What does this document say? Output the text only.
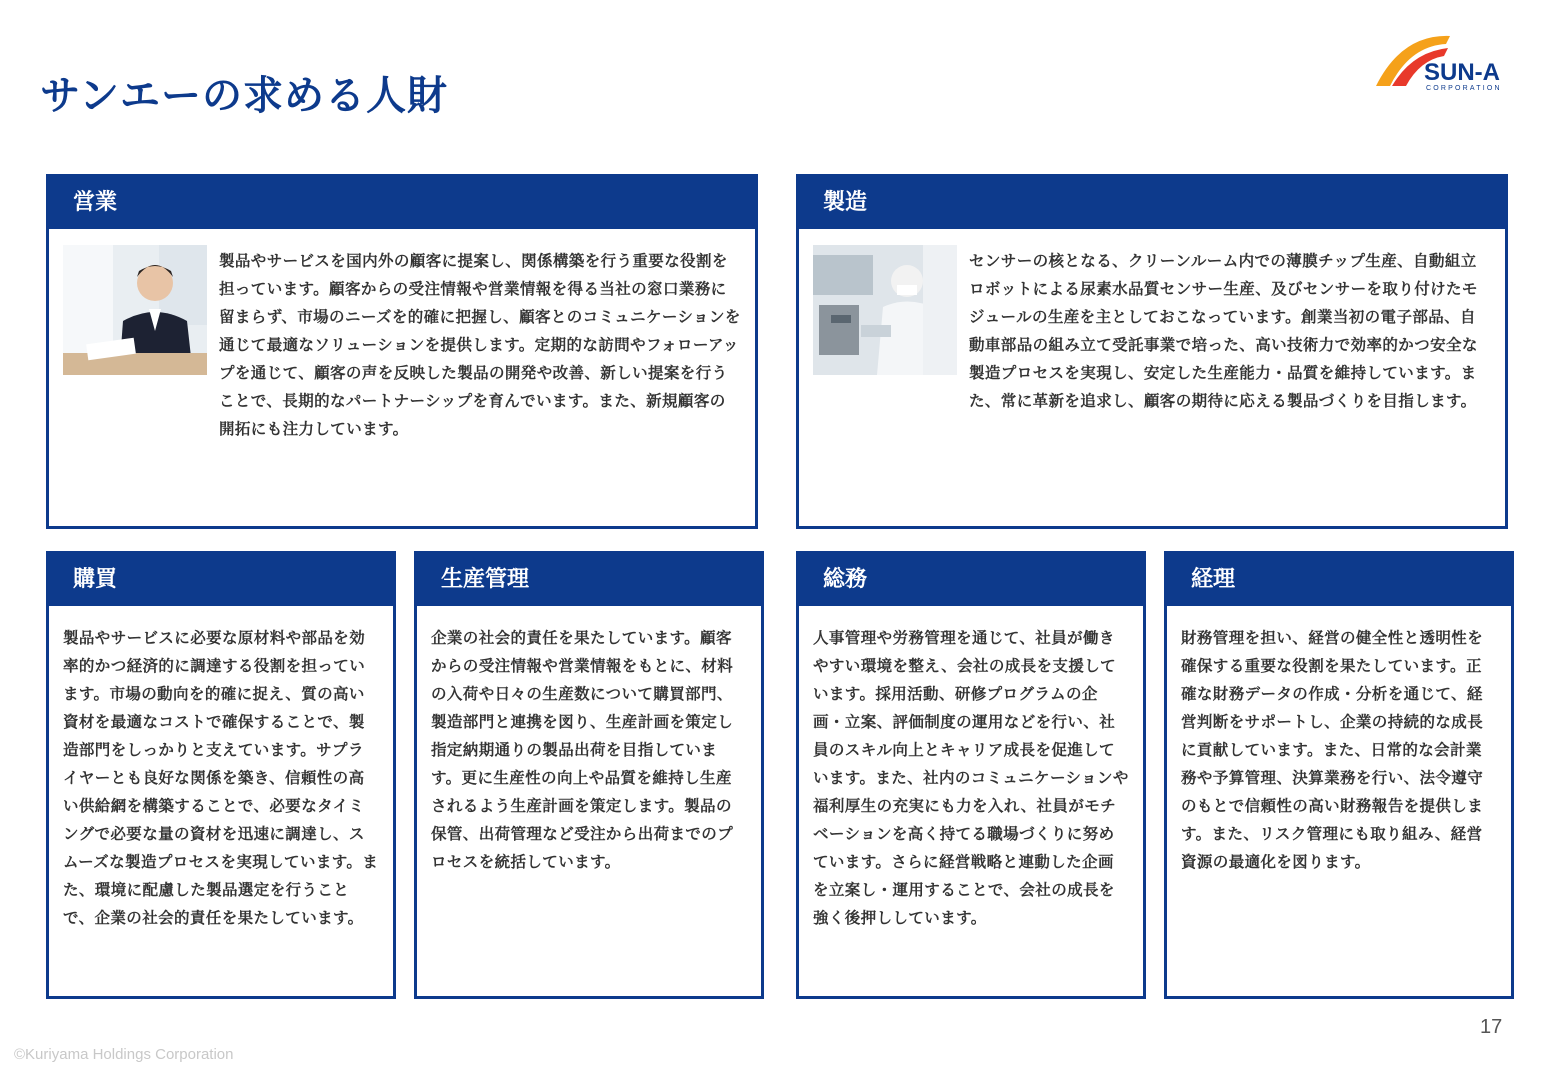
サンエーの求める人財
SUN-A
CORPORATION
営業
製品やサービスを国内外の顧客に提案し、関係構築を行う重要な役割を担っています。顧客からの受注情報や営業情報を得る当社の窓口業務に留まらず、市場のニーズを的確に把握し、顧客とのコミュニケーションを通じて最適なソリューションを提供します。定期的な訪問やフォローアップを通じて、顧客の声を反映した製品の開発や改善、新しい提案を行うことで、長期的なパートナーシップを育んでいます。また、新規顧客の開拓にも注力しています。
製造
センサーの核となる、クリーンルーム内での薄膜チップ生産、自動組立ロボットによる尿素水品質センサー生産、及びセンサーを取り付けたモジュールの生産を主としておこなっています。創業当初の電子部品、自動車部品の組み立て受託事業で培った、高い技術力で効率的かつ安全な製造プロセスを実現し、安定した生産能力・品質を維持しています。また、常に革新を追求し、顧客の期待に応える製品づくりを目指します。
購買
製品やサービスに必要な原材料や部品を効率的かつ経済的に調達する役割を担っています。市場の動向を的確に捉え、質の高い資材を最適なコストで確保することで、製造部門をしっかりと支えています。サプライヤーとも良好な関係を築き、信頼性の高い供給網を構築することで、必要なタイミングで必要な量の資材を迅速に調達し、スムーズな製造プロセスを実現しています。また、環境に配慮した製品選定を行うことで、企業の社会的責任を果たしています。
生産管理
企業の社会的責任を果たしています。顧客からの受注情報や営業情報をもとに、材料の入荷や日々の生産数について購買部門、製造部門と連携を図り、生産計画を策定し指定納期通りの製品出荷を目指しています。更に生産性の向上や品質を維持し生産されるよう生産計画を策定します。製品の保管、出荷管理など受注から出荷までのプロセスを統括しています。
総務
人事管理や労務管理を通じて、社員が働きやすい環境を整え、会社の成長を支援しています。採用活動、研修プログラムの企画・立案、評価制度の運用などを行い、社員のスキル向上とキャリア成長を促進しています。また、社内のコミュニケーションや福利厚生の充実にも力を入れ、社員がモチベーションを高く持てる職場づくりに努めています。さらに経営戦略と連動した企画を立案し・運用することで、会社の成長を強く後押ししています。
経理
財務管理を担い、経営の健全性と透明性を確保する重要な役割を果たしています。正確な財務データの作成・分析を通じて、経営判断をサポートし、企業の持続的な成長に貢献しています。また、日常的な会計業務や予算管理、決算業務を行い、法令遵守のもとで信頼性の高い財務報告を提供します。また、リスク管理にも取り組み、経営資源の最適化を図ります。
17
©Kuriyama Holdings Corporation
